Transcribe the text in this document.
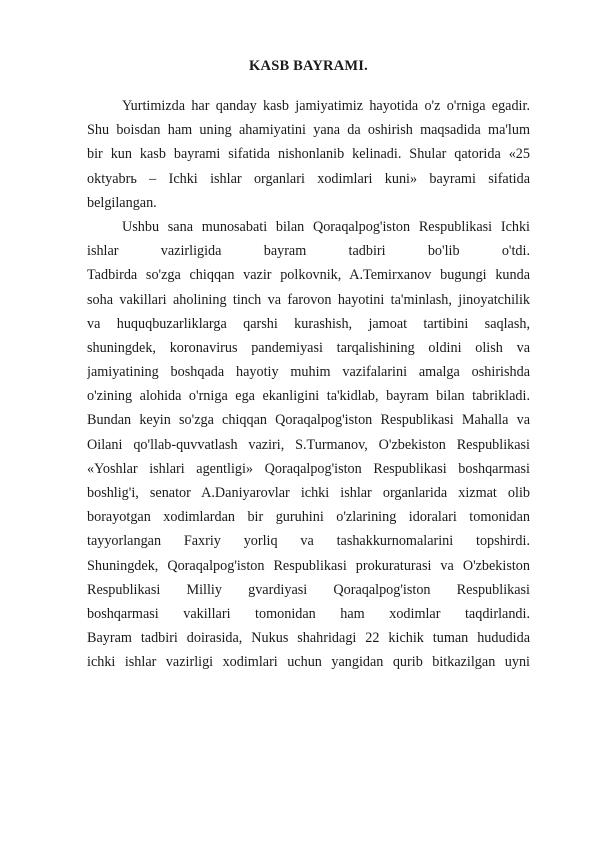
KASB BAYRAMI.
Yurtimizda har qanday kasb jamiyatimiz hayotida o'z o'rniga egadir.
Shu boisdan ham uning ahamiyatini yana da oshirish maqsadida ma'lum
bir kun kasb bayrami sifatida nishonlanib kelinadi. Shular qatorida «25
oktyabrь – Ichki ishlar organlari xodimlari kuni» bayrami sifatida
belgilangan.
Ushbu sana munosabati bilan Qoraqalpog'iston Respublikasi Ichki
ishlar vazirligida bayram tadbiri bo'lib o'tdi.
Tadbirda so'zga chiqqan vazir polkovnik, A.Temirxanov bugungi kunda
soha vakillari aholining tinch va farovon hayotini ta'minlash, jinoyatchilik
va huquqbuzarliklarga qarshi kurashish, jamoat tartibini saqlash,
shuningdek, koronavirus pandemiyasi tarqalishining oldini olish va
jamiyatining boshqada hayotiy muhim vazifalarini amalga oshirishda
o'zining alohida o'rniga ega ekanligini ta'kidlab, bayram bilan tabrikladi.
Bundan keyin so'zga chiqqan Qoraqalpog'iston Respublikasi Mahalla va
Oilani qo'llab-quvvatlash vaziri, S.Turmanov, O'zbekiston Respublikasi
«Yoshlar ishlari agentligi» Qoraqalpog'iston Respublikasi boshqarmasi
boshlig'i, senator A.Daniyarovlar ichki ishlar organlarida xizmat olib
borayotgan xodimlardan bir guruhini o'zlarining idoralari tomonidan
tayyorlangan Faxriy yorliq va tashakkurnomalarini topshirdi.
Shuningdek, Qoraqalpog'iston Respublikasi prokuraturasi va O'zbekiston
Respublikasi Milliy gvardiyasi Qoraqalpog'iston Respublikasi
boshqarmasi vakillari tomonidan ham xodimlar taqdirlandi.
Bayram tadbiri doirasida, Nukus shahridagi 22 kichik tuman hududida
ichki ishlar vazirligi xodimlari uchun yangidan qurib bitkazilgan uyni
